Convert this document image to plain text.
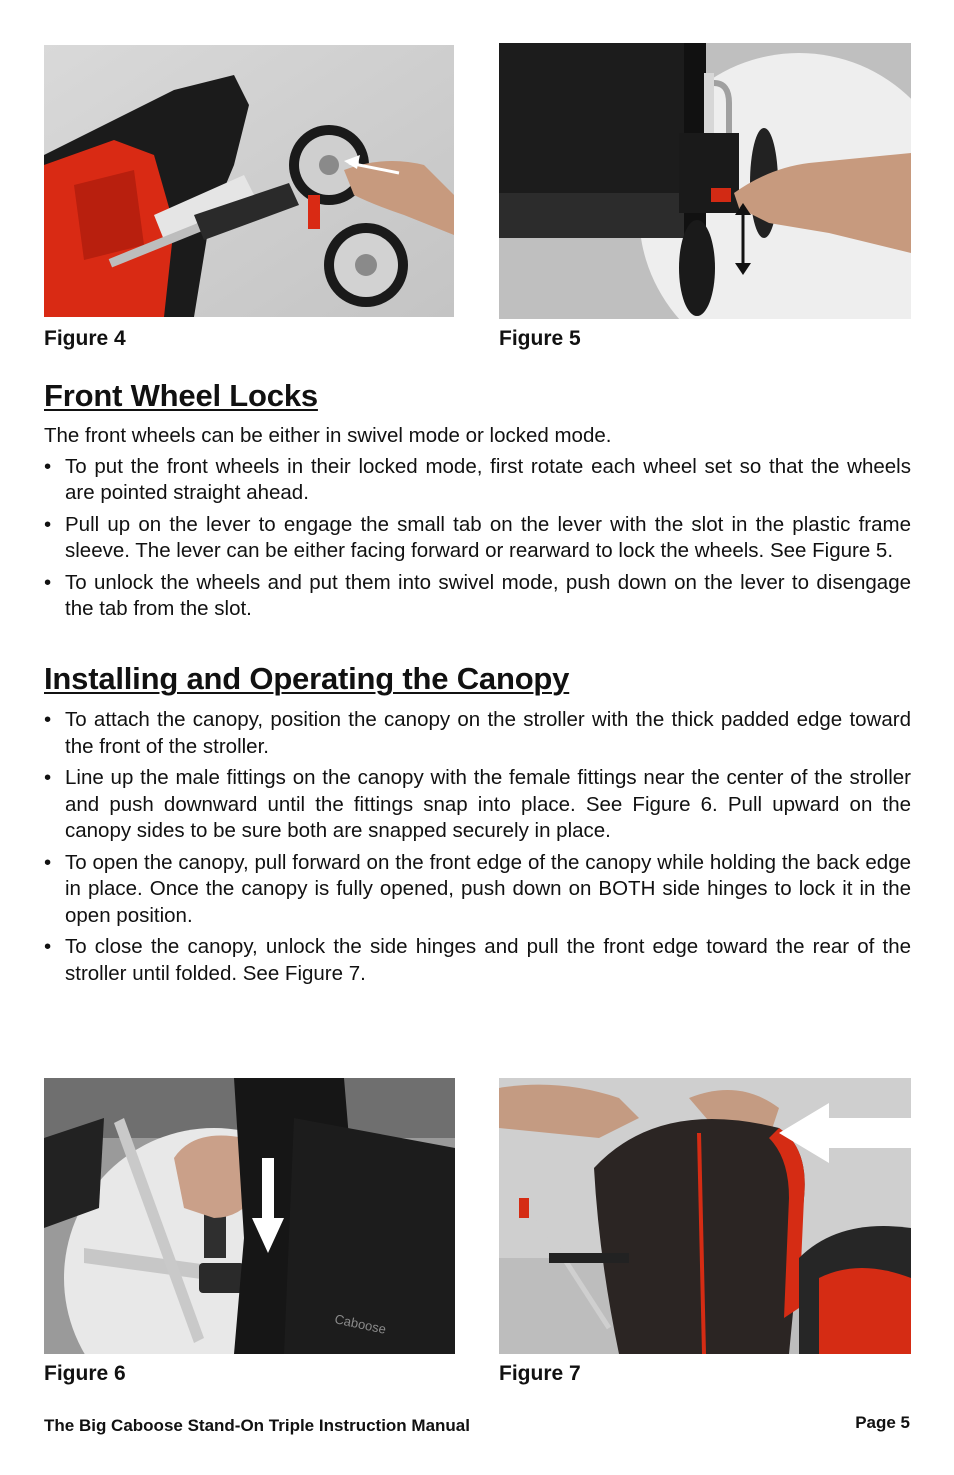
Figure 4	Figure 5

Front Wheel Locks

The front wheels can be either in swivel mode or locked mode.

• To put the front wheels in their locked mode, first rotate each wheel set so that the wheels are pointed straight ahead.
• Pull up on the lever to engage the small tab on the lever with the slot in the plastic frame sleeve. The lever can be either facing forward or rearward to lock the wheels. See Figure 5.
• To unlock the wheels and put them into swivel mode, push down on the lever to disengage the tab from the slot.
Installing and Operating the Canopy
• To attach the canopy, position the canopy on the stroller with the thick padded edge toward the front of the stroller.
• Line up the male fittings on the canopy with the female fittings near the center of the stroller and push downward until the fittings snap into place. See Figure 6. Pull upward on the canopy sides to be sure both are snapped securely in place.
• To open the canopy, pull forward on the front edge of the canopy while holding the back edge in place. Once the canopy is fully opened, push down on BOTH side hinges to lock it in the open position.
• To close the canopy, unlock the side hinges and pull the front edge toward the rear of the stroller until folded. See Figure 7.
Caboose

Figure 6	Figure 7

The Big Caboose Stand-On Triple Instruction Manual	Page 5
